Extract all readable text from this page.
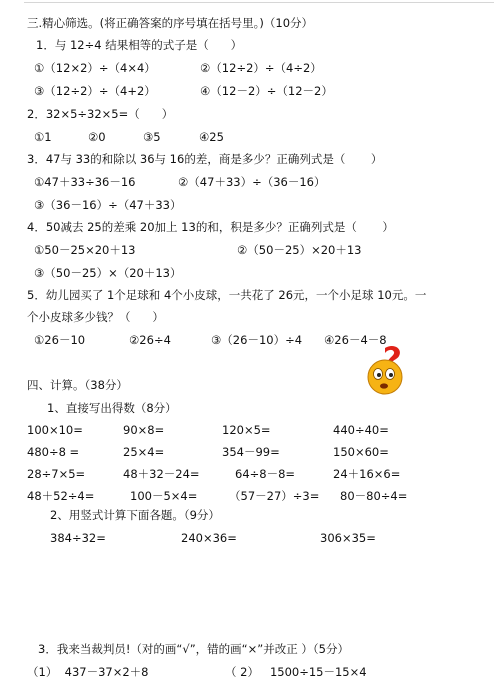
三.精心筛选。(将正确答案的序号填在括号里。)（10分）
1．与 12÷4 结果相等的式子是（      ）
①（12×2）÷（4×4）	②（12÷2）÷（4÷2）
③（12÷2）÷（4+2）	④（12－2）÷（12－2）
2．32×5÷32×5=（      ）
①1	②0	③5	④25
3．47与 33的和除以 36与 16的差，商是多少？正确列式是（       ）
①47＋33÷36－16	②（47＋33）÷（36－16）
③（36－16）÷（47＋33）
4．50减去 25的差乘 20加上 13的和，积是多少？正确列式是（       ）
①50－25×20＋13	②（50－25）×20＋13
③（50－25）×（20＋13）
5．幼儿园买了 1个足球和 4个小皮球，一共花了 26元，一个小足球 10元。一
个小皮球多少钱？（      ）
①26－10	②26÷4	③（26－10）÷4 ④26－4－8
四、计算。（38分）
1、直接写出得数（8分）
100×10=	90×8=	120×5=	440÷40=
480÷8 =	25×4=	354－99=	150×60=
28÷7×5=	48＋32－24=	64÷8－8=	24＋16×6=
48＋52÷4=	100－5×4=	（57－27）÷3= 80－80÷4=
2、用竖式计算下面各题。（9分）
384÷32=	240×36=	306×35=
3．我来当裁判员!（对的画“√”，错的画“×”并改正 ）（5分）
（1）  437－37×2＋8	（ 2）   1500÷15－15×4
